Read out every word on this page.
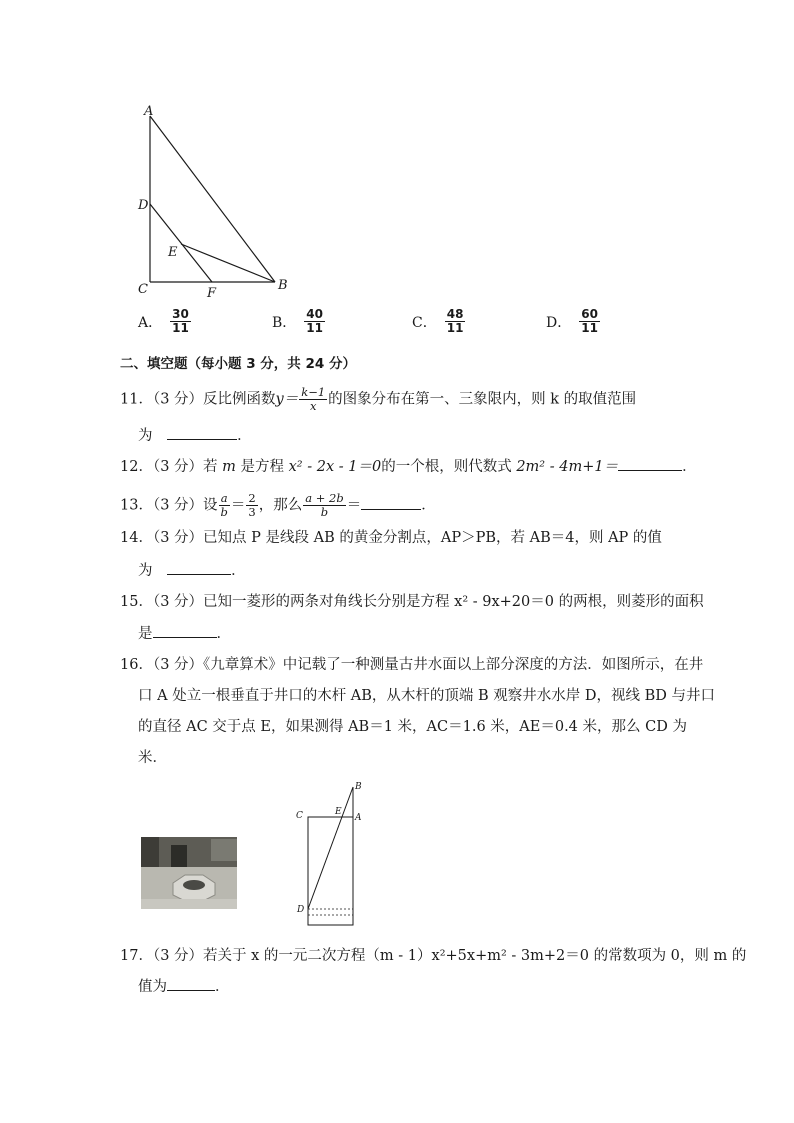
A
D
E
C	F
B
A． $\frac{30}{11}$	B． $\frac{40}{11}$	C． $\frac{48}{11}$	D． $\frac{60}{11}$
二、填空题（每小题 3 分，共 24 分）
11．（3 分）反比例函数$y= \frac{k-1}{x}$ 的图象分布在第一、三象限内，则 k 的取值范围
为	．
12．（3 分）若 m 是方程 x² - 2x - 1＝0的一个根，则代数式 2m² - 4m+1＝	．
13．（3 分）设 $\frac{a}{b} = \frac{2}{3}$ ，那么 $\frac{a + 2b}{b}$ ＝	．
14．（3 分）已知点 P 是线段 AB 的黄金分割点，AP＞PB，若 AB＝4，则 AP 的值
为	．
15．（3 分）已知一菱形的两条对角线长分别是方程 x² - 9x+20＝0 的两根，则菱形的面积
是	．
16．（3 分）《九章算术》中记载了一种测量古井水面以上部分深度的方法．如图所示，在井
口 A 处立一根垂直于井口的木杆 AB，从木杆的顶端 B 观察井水水岸 D，视线 BD 与井口
的直径 AC 交于点 E，如果测得 AB＝1 米，AC＝1.6 米，AE＝0.4 米，那么 CD 为
米．
B
C	E
A
D
17．（3 分）若关于 x 的一元二次方程（m - 1）x²+5x+m² - 3m+2＝0 的常数项为 0，则 m 的
值为	．
